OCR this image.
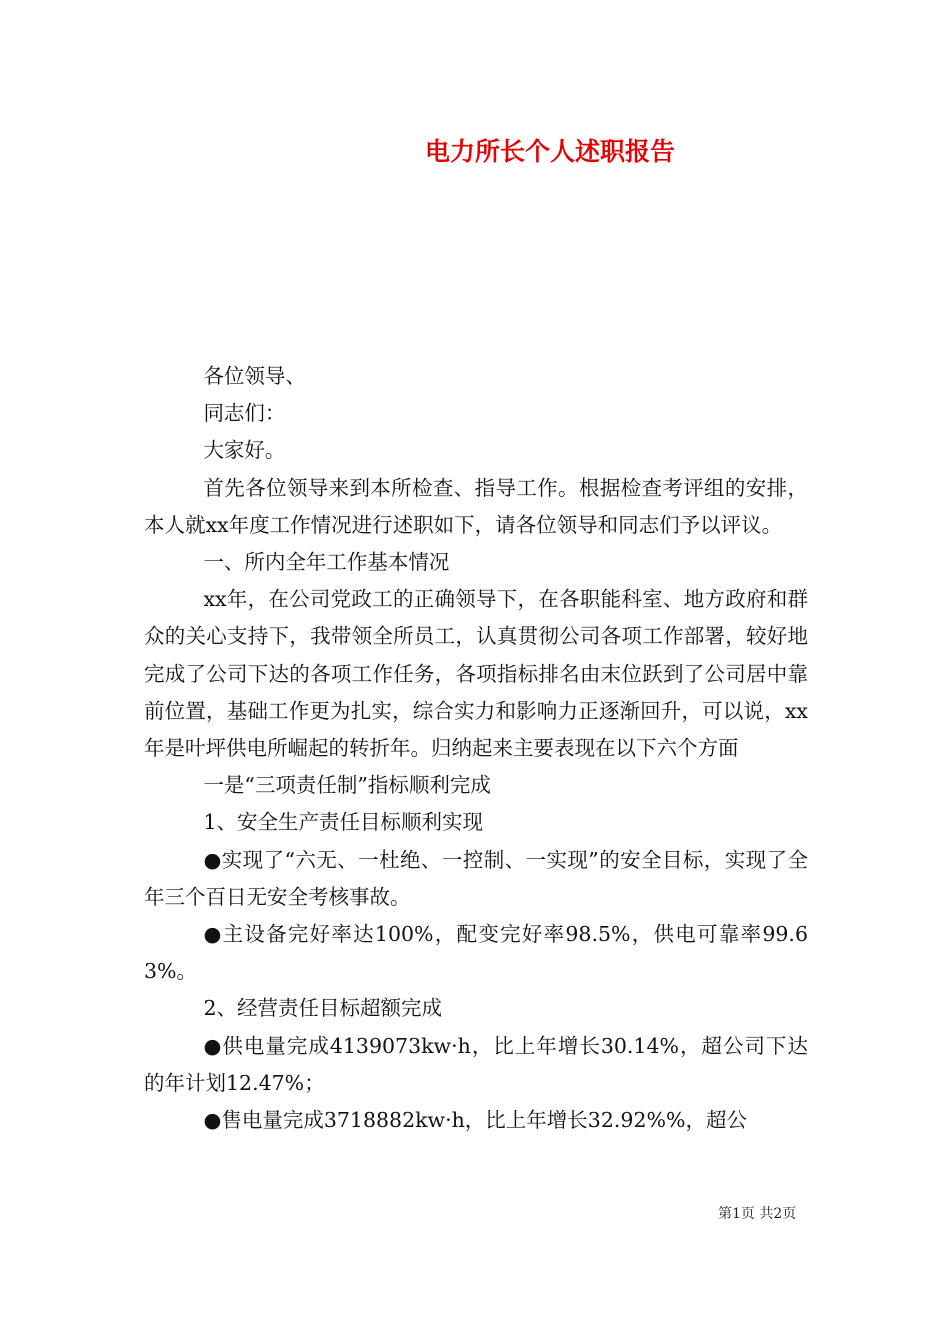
电力所长个人述职报告

各位领导、

同志们：

大家好。

首先各位领导来到本所检查、指导工作。根据检查考评组的安排，本人就xx年度工作情况进行述职如下，请各位领导和同志们予以评议。

一、所内全年工作基本情况

xx年，在公司党政工的正确领导下，在各职能科室、地方政府和群众的关心支持下，我带领全所员工，认真贯彻公司各项工作部署，较好地完成了公司下达的各项工作任务，各项指标排名由末位跃到了公司居中靠前位置，基础工作更为扎实，综合实力和影响力正逐渐回升，可以说，xx年是叶坪供电所崛起的转折年。归纳起来主要表现在以下六个方面

一是“三项责任制”指标顺利完成

1、安全生产责任目标顺利实现

●实现了“六无、一杜绝、一控制、一实现”的安全目标，实现了全年三个百日无安全考核事故。

●主设备完好率达100%，配变完好率98.5%，供电可靠率99.63%。

2、经营责任目标超额完成

●供电量完成4139073kw·h，比上年增长30.14%，超公司下达的年计划12.47%；

●售电量完成3718882kw·h，比上年增长32.92%%，超公

第1页 共2页
